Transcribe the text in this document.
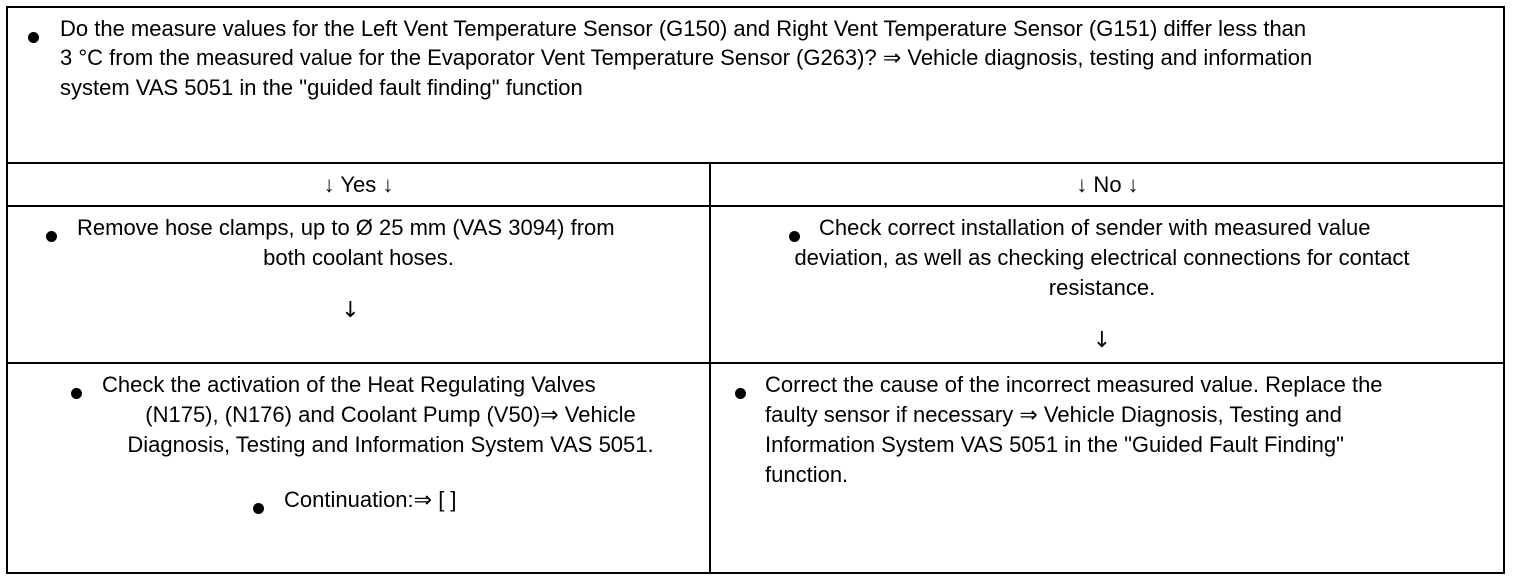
Do the measure values for the Left Vent Temperature Sensor (G150) and Right Vent Temperature Sensor (G151) differ less than
3 °C from the measured value for the Evaporator Vent Temperature Sensor (G263)? ⇒ Vehicle diagnosis, testing and information
system VAS 5051 in the "guided fault finding" function
↓ Yes ↓	↓ No ↓
Remove hose clamps, up to Ø 25 mm (VAS 3094) from
both coolant hoses.
↓
Check correct installation of sender with measured value
deviation, as well as checking electrical connections for contact
resistance.
↓
Check the activation of the Heat Regulating Valves
(N175), (N176) and Coolant Pump (V50)⇒ Vehicle
Diagnosis, Testing and Information System VAS 5051.
Continuation:⇒ [ ]
Correct the cause of the incorrect measured value. Replace the
faulty sensor if necessary ⇒ Vehicle Diagnosis, Testing and
Information System VAS 5051 in the "Guided Fault Finding"
function.
